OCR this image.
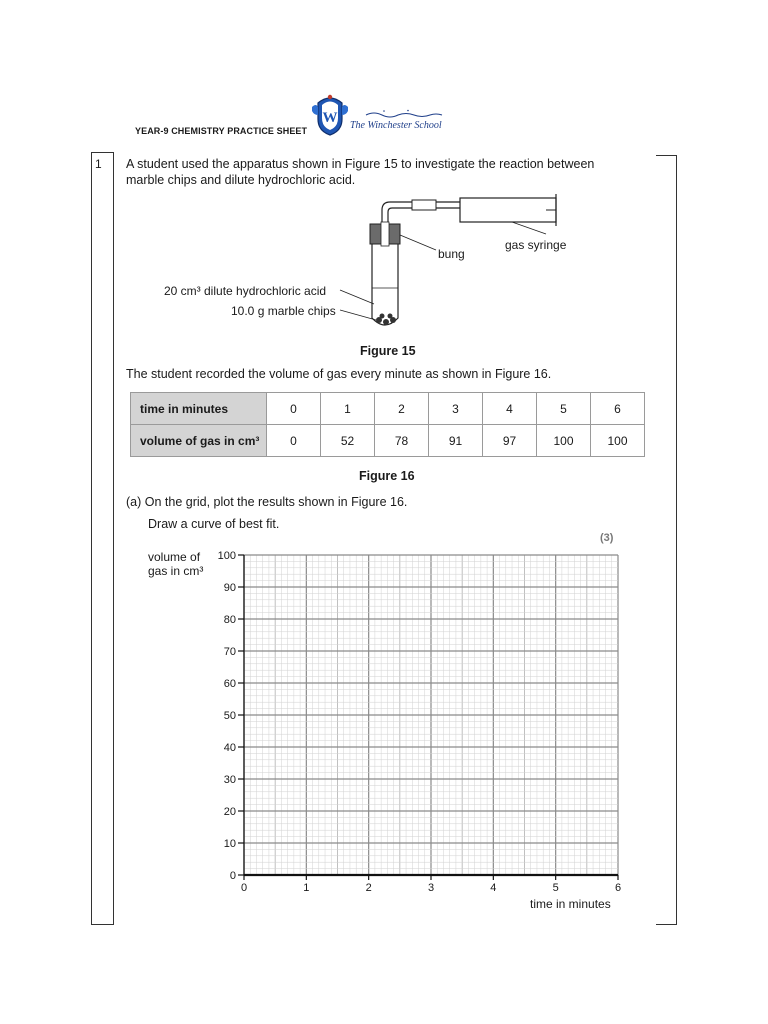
YEAR-9 CHEMISTRY PRACTICE SHEET
W The Winchester School
1 A student used the apparatus shown in Figure 15 to investigate the reaction between
marble chips and dilute hydrochloric acid.
gas syringe
bung
20 cm³ dilute hydrochloric acid
10.0 g marble chips
Figure 15
The student recorded the volume of gas every minute as shown in Figure 16.
time in minutes	0	1	2	3	4	5	6
volume of gas in cm³	0	52	78	91	97	100	100
Figure 16
(a) On the grid, plot the results shown in Figure 16.
Draw a curve of best fit.
(3)
volume of
gas in cm³
0
10
20
30
40
50
60
70
80
90
100
0	1	2	3	4	5	6
time in minutes
